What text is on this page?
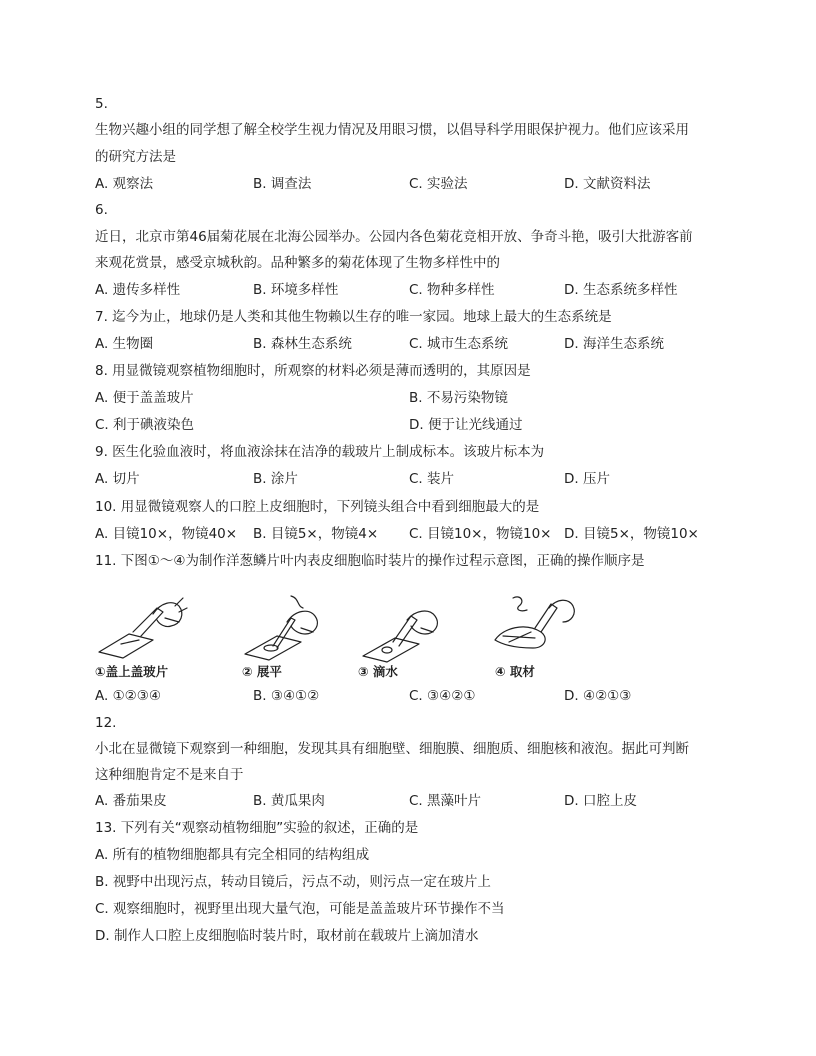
5.
生物兴趣小组的同学想了解全校学生视力情况及用眼习惯，以倡导科学用眼保护视力。他们应该采用
的研究方法是
A. 观察法	B. 调查法	C. 实验法	D. 文献资料法
6.
近日，北京市第46届菊花展在北海公园举办。公园内各色菊花竞相开放、争奇斗艳，吸引大批游客前
来观花赏景，感受京城秋韵。品种繁多的菊花体现了生物多样性中的
A. 遗传多样性	B. 环境多样性	C. 物种多样性	D. 生态系统多样性
7. 迄今为止，地球仍是人类和其他生物赖以生存的唯一家园。地球上最大的生态系统是
A. 生物圈	B. 森林生态系统	C. 城市生态系统	D. 海洋生态系统
8. 用显微镜观察植物细胞时，所观察的材料必须是薄而透明的，其原因是
A. 便于盖盖玻片	B. 不易污染物镜
C. 利于碘液染色	D. 便于让光线通过
9. 医生化验血液时，将血液涂抹在洁净的载玻片上制成标本。该玻片标本为
A. 切片	B. 涂片	C. 装片	D. 压片
10. 用显微镜观察人的口腔上皮细胞时，下列镜头组合中看到细胞最大的是
A. 目镜10×，物镜40× B. 目镜5×，物镜4× C. 目镜10×，物镜10× D. 目镜5×，物镜10×
11. 下图①～④为制作洋葱鳞片叶内表皮细胞临时装片的操作过程示意图，正确的操作顺序是
①盖上盖玻片	② 展平	③ 滴水	④ 取材
A. ①②③④	B. ③④①②	C. ③④②①	D. ④②①③
12.
小北在显微镜下观察到一种细胞，发现其具有细胞壁、细胞膜、细胞质、细胞核和液泡。据此可判断
这种细胞肯定不是来自于
A. 番茄果皮	B. 黄瓜果肉	C. 黑藻叶片	D. 口腔上皮
13. 下列有关“观察动植物细胞”实验的叙述，正确的是
A. 所有的植物细胞都具有完全相同的结构组成
B. 视野中出现污点，转动目镜后，污点不动，则污点一定在玻片上
C. 观察细胞时，视野里出现大量气泡，可能是盖盖玻片环节操作不当
D. 制作人口腔上皮细胞临时装片时，取材前在载玻片上滴加清水
